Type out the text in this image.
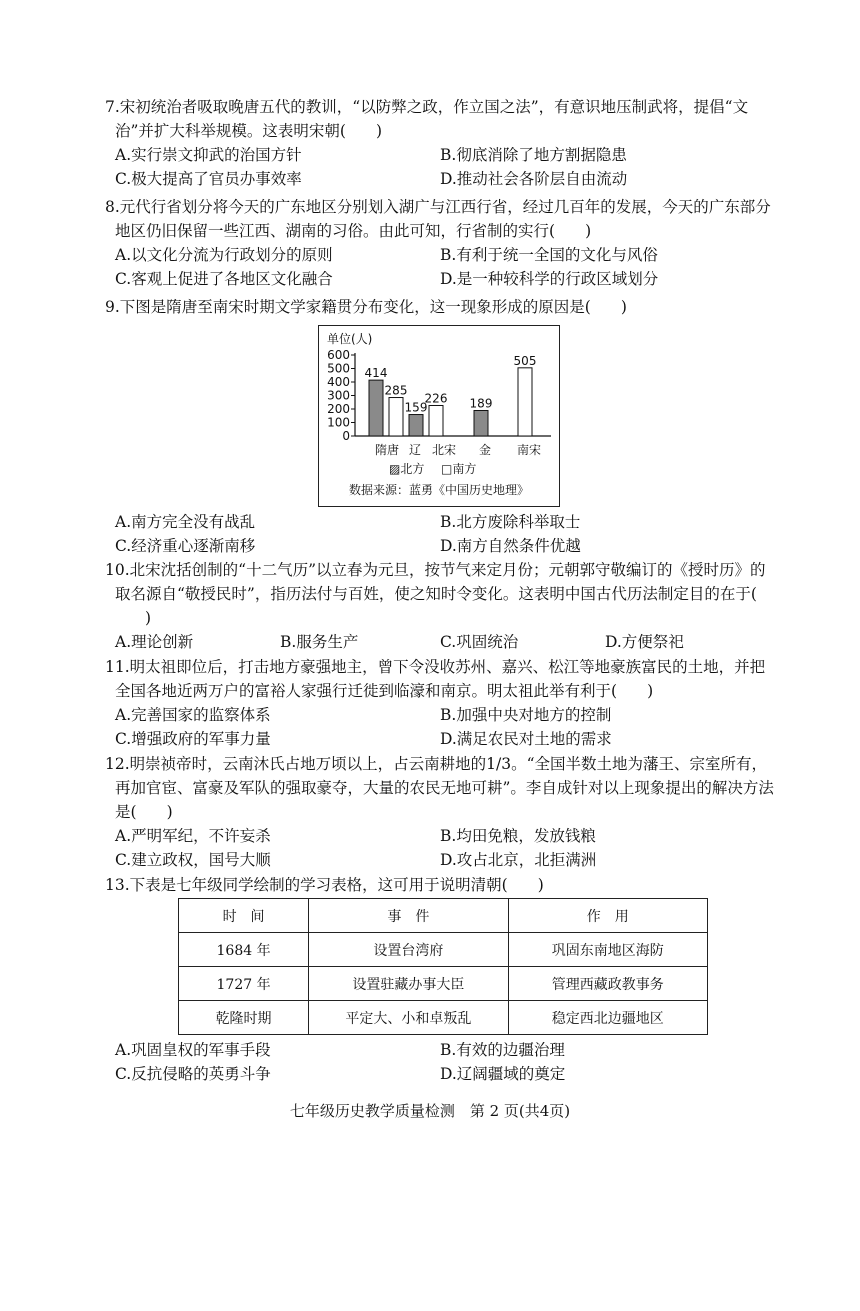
7.宋初统治者吸取晚唐五代的教训，“以防弊之政，作立国之法”，有意识地压制武将，提倡“文治”并扩大科举规模。这表明宋朝( )

A.实行崇文抑武的治国方针	B.彻底消除了地方割据隐患
C.极大提高了官员办事效率	D.推动社会各阶层自由流动

8.元代行省划分将今天的广东地区分别划入湖广与江西行省，经过几百年的发展，今天的广东部分地区仍旧保留一些江西、湖南的习俗。由此可知，行省制的实行( )

A.以文化分流为行政划分的原则	B.有利于统一全国的文化与风俗
C.客观上促进了各地区文化融合	D.是一种较科学的行政区域划分

9.下图是隋唐至南宋时期文学家籍贯分布变化，这一现象形成的原因是( )

单位(人)
0
100
200
300
400
500
600
414
285
159
226 189
505
隋唐 辽 北宋 金 南宋
▨北方 □南方
数据来源：蓝勇《中国历史地理》
A.南方完全没有战乱	B.北方废除科举取士
C.经济重心逐渐南移	D.南方自然条件优越

10.北宋沈括创制的“十二气历”以立春为元旦，按节气来定月份；元朝郭守敬编订的《授时历》的取名源自“敬授民时”，指历法付与百姓，使之知时令变化。这表明中国古代历法制定目的在于()

A.理论创新	B.服务生产	C.巩固统治	D.方便祭祀

11.明太祖即位后，打击地方豪强地主，曾下令没收苏州、嘉兴、松江等地豪族富民的土地，并把全国各地近两万户的富裕人家强行迁徙到临濠和南京。明太祖此举有利于( )

A.完善国家的监察体系	B.加强中央对地方的控制
C.增强政府的军事力量	D.满足农民对土地的需求

12.明崇祯帝时，云南沐氏占地万顷以上，占云南耕地的1/3。“全国半数土地为藩王、宗室所有，再加官宦、富豪及军队的强取豪夺，大量的农民无地可耕”。李自成针对以上现象提出的解决方法是( )

A.严明军纪，不许妄杀	B.均田免粮，发放钱粮
C.建立政权，国号大顺	D.攻占北京，北拒满洲

13.下表是七年级同学绘制的学习表格，这可用于说明清朝( )

时　间	事　件	作　用
1684 年	设置台湾府	巩固东南地区海防
1727 年	设置驻藏办事大臣	管理西藏政教事务
乾隆时期	平定大、小和卓叛乱	稳定西北边疆地区
A.巩固皇权的军事手段	B.有效的边疆治理
C.反抗侵略的英勇斗争	D.辽阔疆域的奠定
七年级历史教学质量检测　第 2 页(共4页)
